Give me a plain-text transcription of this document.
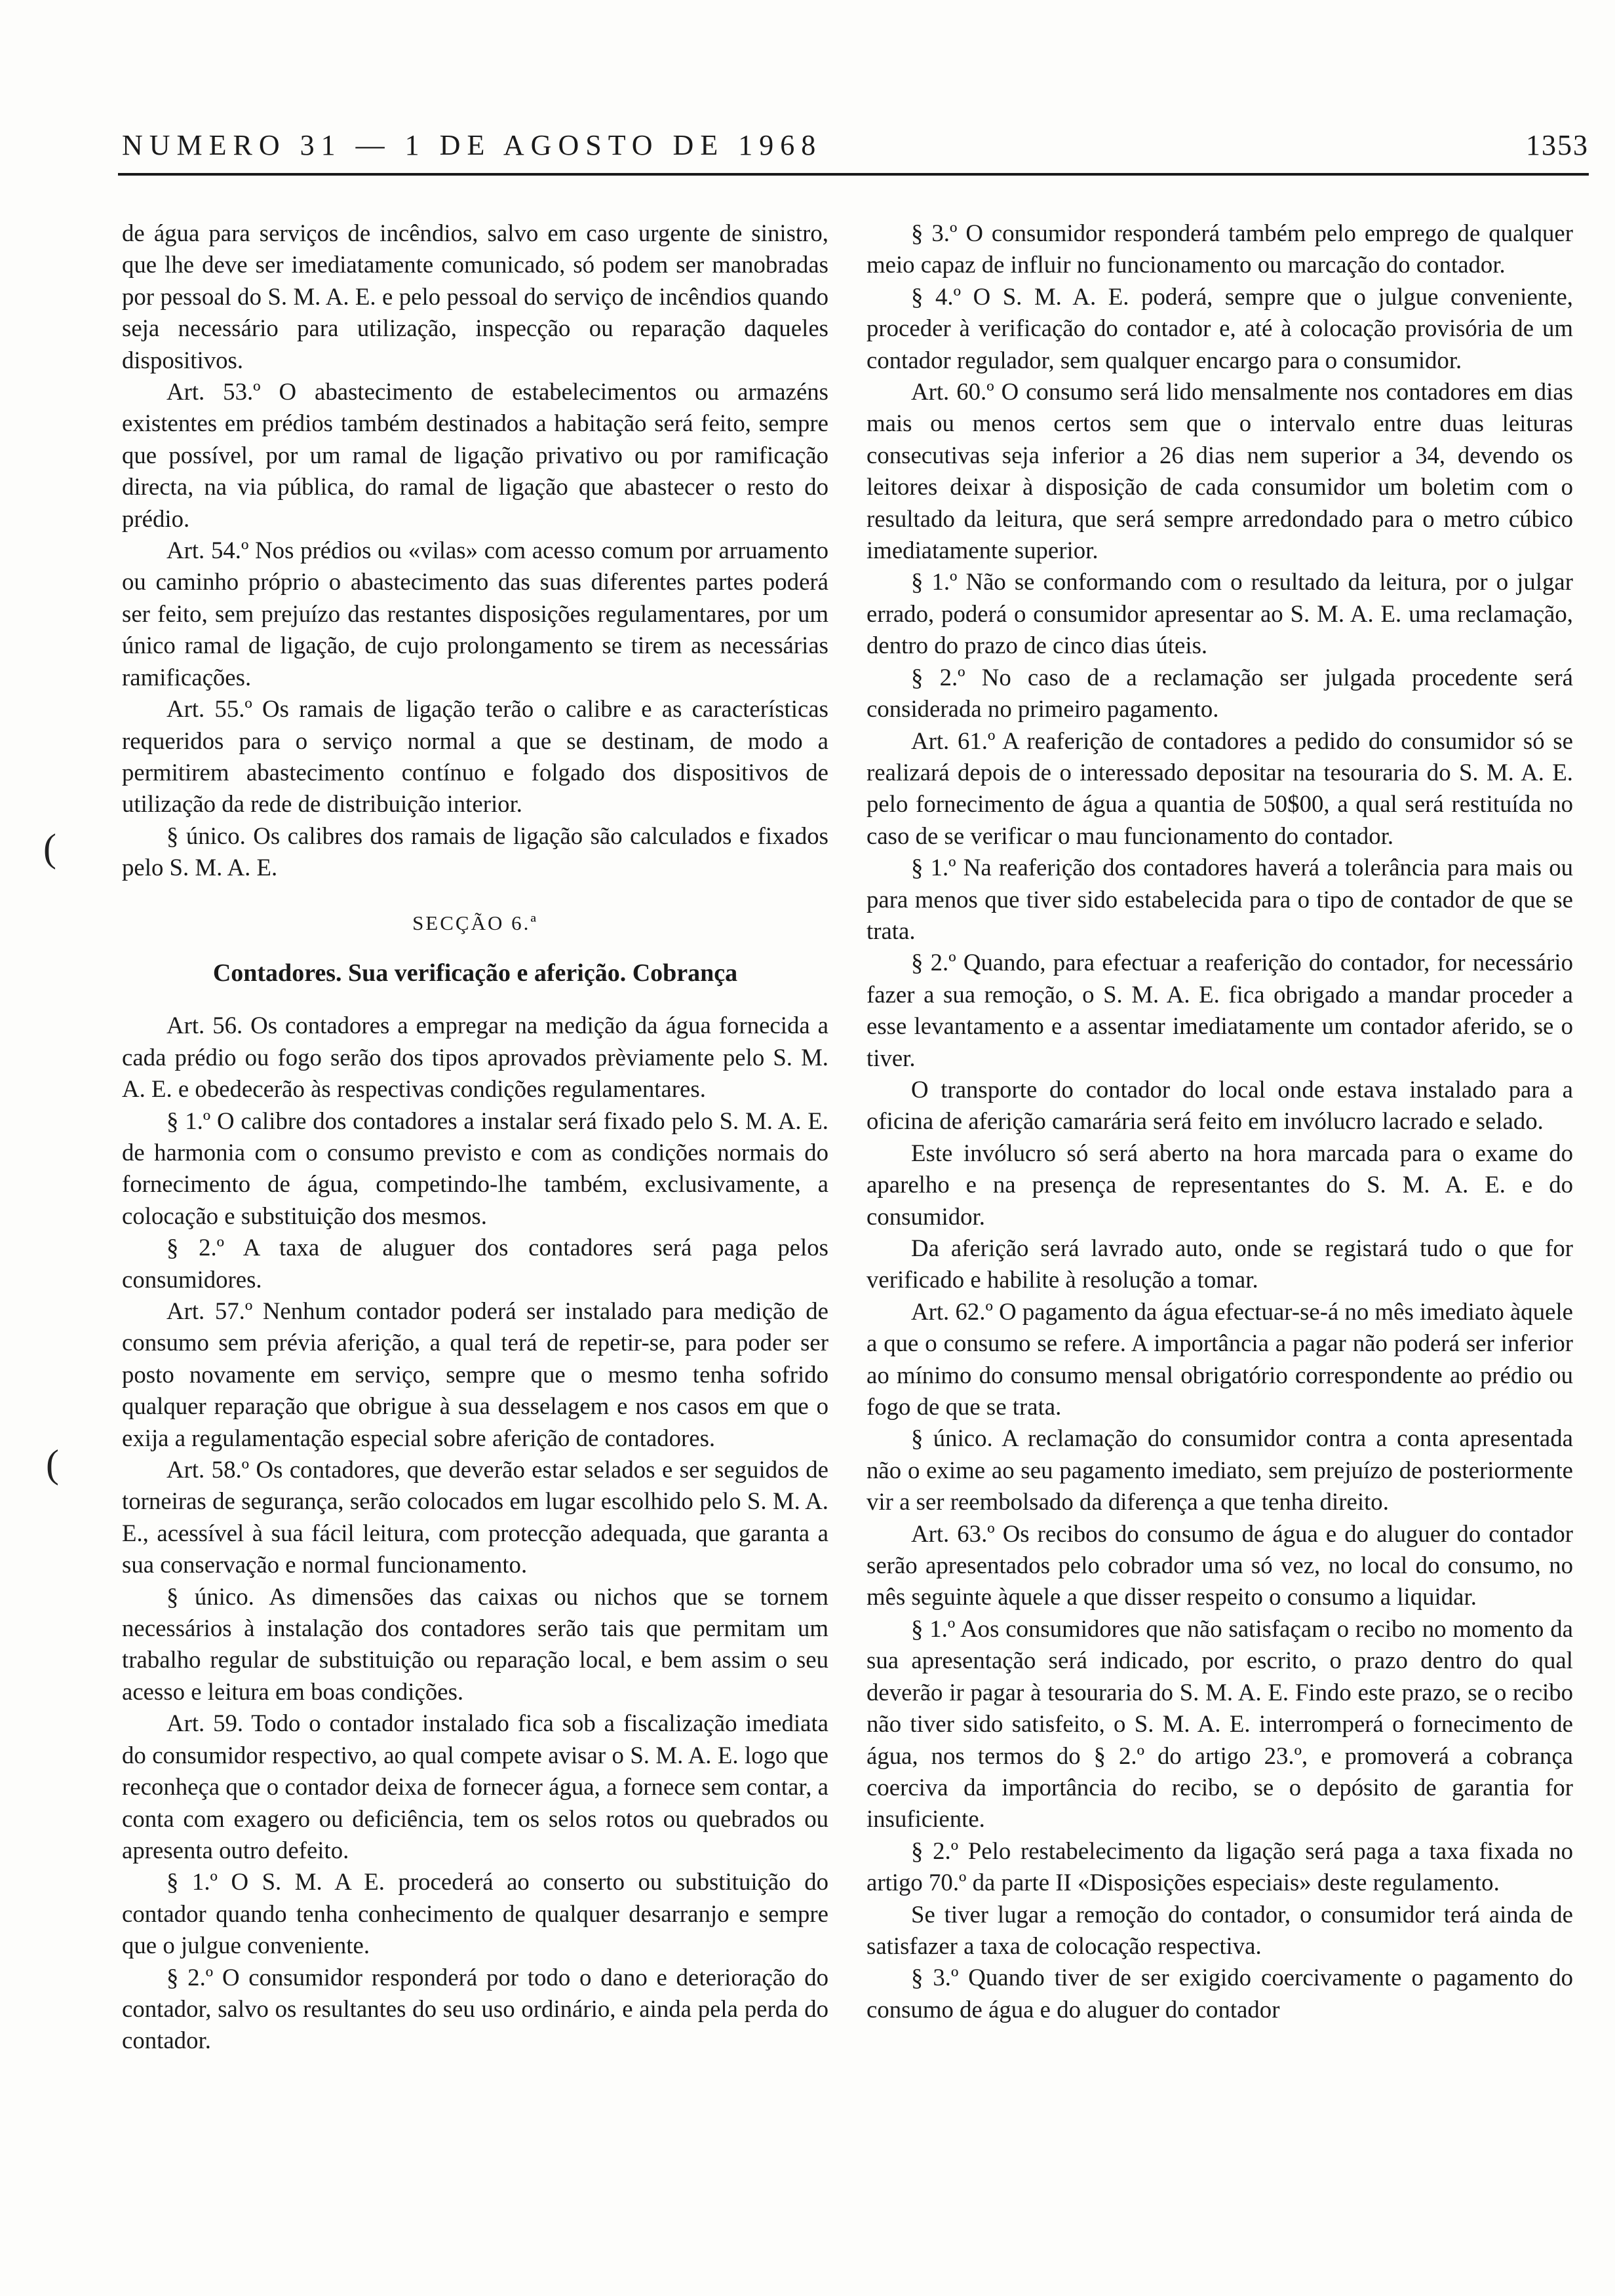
NUMERO 31 — 1 DE AGOSTO DE 1968	1353
(
(

de água para serviços de incêndios, salvo em caso urgente de sinistro, que lhe deve ser imediatamente comunicado, só podem ser manobradas por pessoal do S. M. A. E. e pelo pessoal do serviço de incêndios quando seja necessário para utilização, inspecção ou reparação daqueles dispositivos.

Art. 53.º O abastecimento de estabelecimentos ou armazéns existentes em prédios também destinados a habitação será feito, sempre que possível, por um ramal de ligação privativo ou por ramificação directa, na via pública, do ramal de ligação que abastecer o resto do prédio.

Art. 54.º Nos prédios ou «vilas» com acesso comum por arruamento ou caminho próprio o abastecimento das suas diferentes partes poderá ser feito, sem prejuízo das restantes disposições regulamentares, por um único ramal de ligação, de cujo prolongamento se tirem as necessárias ramificações.

Art. 55.º Os ramais de ligação terão o calibre e as características requeridos para o serviço normal a que se destinam, de modo a permitirem abastecimento contínuo e folgado dos dispositivos de utilização da rede de distribuição interior.

§ único. Os calibres dos ramais de ligação são calculados e fixados pelo S. M. A. E.

SECÇÃO 6.ª

Contadores. Sua verificação e aferição. Cobrança

Art. 56. Os contadores a empregar na medição da água fornecida a cada prédio ou fogo serão dos tipos aprovados prèviamente pelo S. M. A. E. e obedecerão às respectivas condições regulamentares.

§ 1.º O calibre dos contadores a instalar será fixado pelo S. M. A. E. de harmonia com o consumo previsto e com as condições normais do fornecimento de água, competindo-lhe também, exclusivamente, a colocação e substituição dos mesmos.

§ 2.º A taxa de aluguer dos contadores será paga pelos consumidores.

Art. 57.º Nenhum contador poderá ser instalado para medição de consumo sem prévia aferição, a qual terá de repetir-se, para poder ser posto novamente em serviço, sempre que o mesmo tenha sofrido qualquer reparação que obrigue à sua desselagem e nos casos em que o exija a regulamentação especial sobre aferição de contadores.

Art. 58.º Os contadores, que deverão estar selados e ser seguidos de torneiras de segurança, serão colocados em lugar escolhido pelo S. M. A. E., acessível à sua fácil leitura, com protecção adequada, que garanta a sua conservação e normal funcionamento.

§ único. As dimensões das caixas ou nichos que se tornem necessários à instalação dos contadores serão tais que permitam um trabalho regular de substituição ou reparação local, e bem assim o seu acesso e leitura em boas condições.

Art. 59. Todo o contador instalado fica sob a fiscalização imediata do consumidor respectivo, ao qual compete avisar o S. M. A. E. logo que reconheça que o contador deixa de fornecer água, a fornece sem contar, a conta com exagero ou deficiência, tem os selos rotos ou quebrados ou apresenta outro defeito.

§ 1.º O S. M. A E. procederá ao conserto ou substituição do contador quando tenha conhecimento de qualquer desarranjo e sempre que o julgue conveniente.

§ 2.º O consumidor responderá por todo o dano e deterioração do contador, salvo os resultantes do seu uso ordinário, e ainda pela perda do contador.

§ 3.º O consumidor responderá também pelo emprego de qualquer meio capaz de influir no funcionamento ou marcação do contador.

§ 4.º O S. M. A. E. poderá, sempre que o julgue conveniente, proceder à verificação do contador e, até à colocação provisória de um contador regulador, sem qualquer encargo para o consumidor.

Art. 60.º O consumo será lido mensalmente nos contadores em dias mais ou menos certos sem que o intervalo entre duas leituras consecutivas seja inferior a 26 dias nem superior a 34, devendo os leitores deixar à disposição de cada consumidor um boletim com o resultado da leitura, que será sempre arredondado para o metro cúbico imediatamente superior.

§ 1.º Não se conformando com o resultado da leitura, por o julgar errado, poderá o consumidor apresentar ao S. M. A. E. uma reclamação, dentro do prazo de cinco dias úteis.

§ 2.º No caso de a reclamação ser julgada procedente será considerada no primeiro pagamento.

Art. 61.º A reaferição de contadores a pedido do consumidor só se realizará depois de o interessado depositar na tesouraria do S. M. A. E. pelo fornecimento de água a quantia de 50$00, a qual será restituída no caso de se verificar o mau funcionamento do contador.

§ 1.º Na reaferição dos contadores haverá a tolerância para mais ou para menos que tiver sido estabelecida para o tipo de contador de que se trata.

§ 2.º Quando, para efectuar a reaferição do contador, for necessário fazer a sua remoção, o S. M. A. E. fica obrigado a mandar proceder a esse levantamento e a assentar imediatamente um contador aferido, se o tiver.

O transporte do contador do local onde estava instalado para a oficina de aferição camarária será feito em invólucro lacrado e selado.

Este invólucro só será aberto na hora marcada para o exame do aparelho e na presença de representantes do S. M. A. E. e do consumidor.

Da aferição será lavrado auto, onde se registará tudo o que for verificado e habilite à resolução a tomar.

Art. 62.º O pagamento da água efectuar-se-á no mês imediato àquele a que o consumo se refere. A importância a pagar não poderá ser inferior ao mínimo do consumo mensal obrigatório correspondente ao prédio ou fogo de que se trata.

§ único. A reclamação do consumidor contra a conta apresentada não o exime ao seu pagamento imediato, sem prejuízo de posteriormente vir a ser reembolsado da diferença a que tenha direito.

Art. 63.º Os recibos do consumo de água e do aluguer do contador serão apresentados pelo cobrador uma só vez, no local do consumo, no mês seguinte àquele a que disser respeito o consumo a liquidar.

§ 1.º Aos consumidores que não satisfaçam o recibo no momento da sua apresentação será indicado, por escrito, o prazo dentro do qual deverão ir pagar à tesouraria do S. M. A. E. Findo este prazo, se o recibo não tiver sido satisfeito, o S. M. A. E. interromperá o fornecimento de água, nos termos do § 2.º do artigo 23.º, e promoverá a cobrança coerciva da importância do recibo, se o depósito de garantia for insuficiente.

§ 2.º Pelo restabelecimento da ligação será paga a taxa fixada no artigo 70.º da parte II «Disposições especiais» deste regulamento.

Se tiver lugar a remoção do contador, o consumidor terá ainda de satisfazer a taxa de colocação respectiva.

§ 3.º Quando tiver de ser exigido coercivamente o pagamento do consumo de água e do aluguer do contador
